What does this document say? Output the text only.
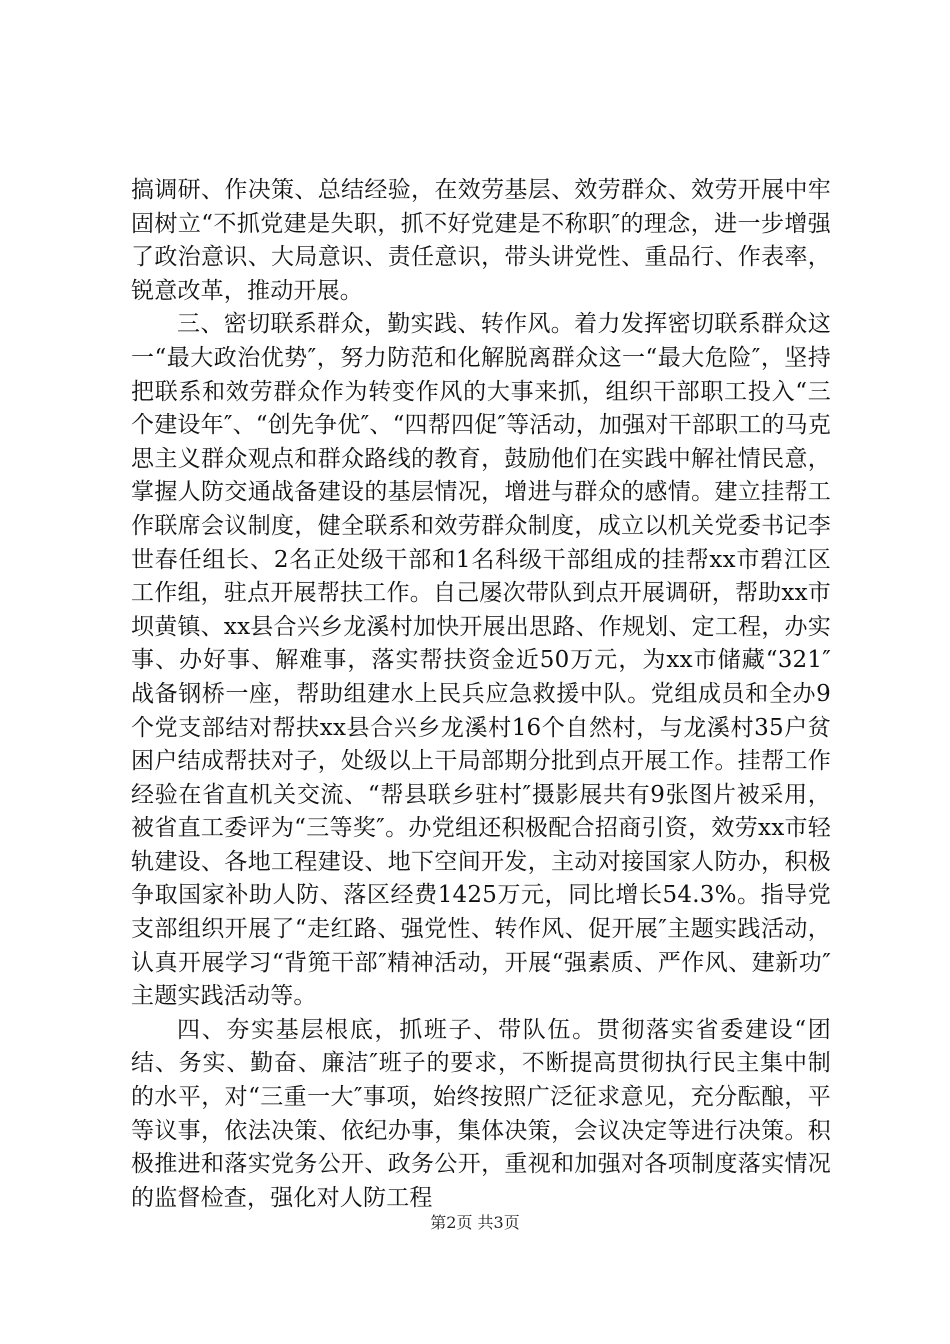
搞调研、作决策、总结经验，在效劳基层、效劳群众、效劳开展中牢固树立“不抓党建是失职，抓不好党建是不称职″的理念，进一步增强了政治意识、大局意识、责任意识，带头讲党性、重品行、作表率，锐意改革，推动开展。

三、密切联系群众，勤实践、转作风。着力发挥密切联系群众这一“最大政治优势″，努力防范和化解脱离群众这一“最大危险″，坚持把联系和效劳群众作为转变作风的大事来抓，组织干部职工投入“三个建设年″、“创先争优″、“四帮四促″等活动，加强对干部职工的马克思主义群众观点和群众路线的教育，鼓励他们在实践中解社情民意，掌握人防交通战备建设的基层情况，增进与群众的感情。建立挂帮工作联席会议制度，健全联系和效劳群众制度，成立以机关党委书记李世春任组长、2名正处级干部和1名科级干部组成的挂帮xx市碧江区工作组，驻点开展帮扶工作。自己屡次带队到点开展调研，帮助xx市坝黄镇、xx县合兴乡龙溪村加快开展出思路、作规划、定工程，办实事、办好事、解难事，落实帮扶资金近50万元，为xx市储藏“321″战备钢桥一座，帮助组建水上民兵应急救援中队。党组成员和全办9个党支部结对帮扶xx县合兴乡龙溪村16个自然村，与龙溪村35户贫困户结成帮扶对子，处级以上干局部期分批到点开展工作。挂帮工作经验在省直机关交流、“帮县联乡驻村″摄影展共有9张图片被采用，被省直工委评为“三等奖″。办党组还积极配合招商引资，效劳xx市轻轨建设、各地工程建设、地下空间开发，主动对接国家人防办，积极争取国家补助人防、落区经费1425万元，同比增长54.3%。指导党支部组织开展了“走红路、强党性、转作风、促开展″主题实践活动，认真开展学习“背篼干部″精神活动，开展“强素质、严作风、建新功″主题实践活动等。

四、夯实基层根底，抓班子、带队伍。贯彻落实省委建设“团结、务实、勤奋、廉洁″班子的要求，不断提高贯彻执行民主集中制的水平，对“三重一大″事项，始终按照广泛征求意见，充分酝酿，平等议事，依法决策、依纪办事，集体决策，会议决定等进行决策。积极推进和落实党务公开、政务公开，重视和加强对各项制度落实情况的监督检查，强化对人防工程

第2页 共3页
